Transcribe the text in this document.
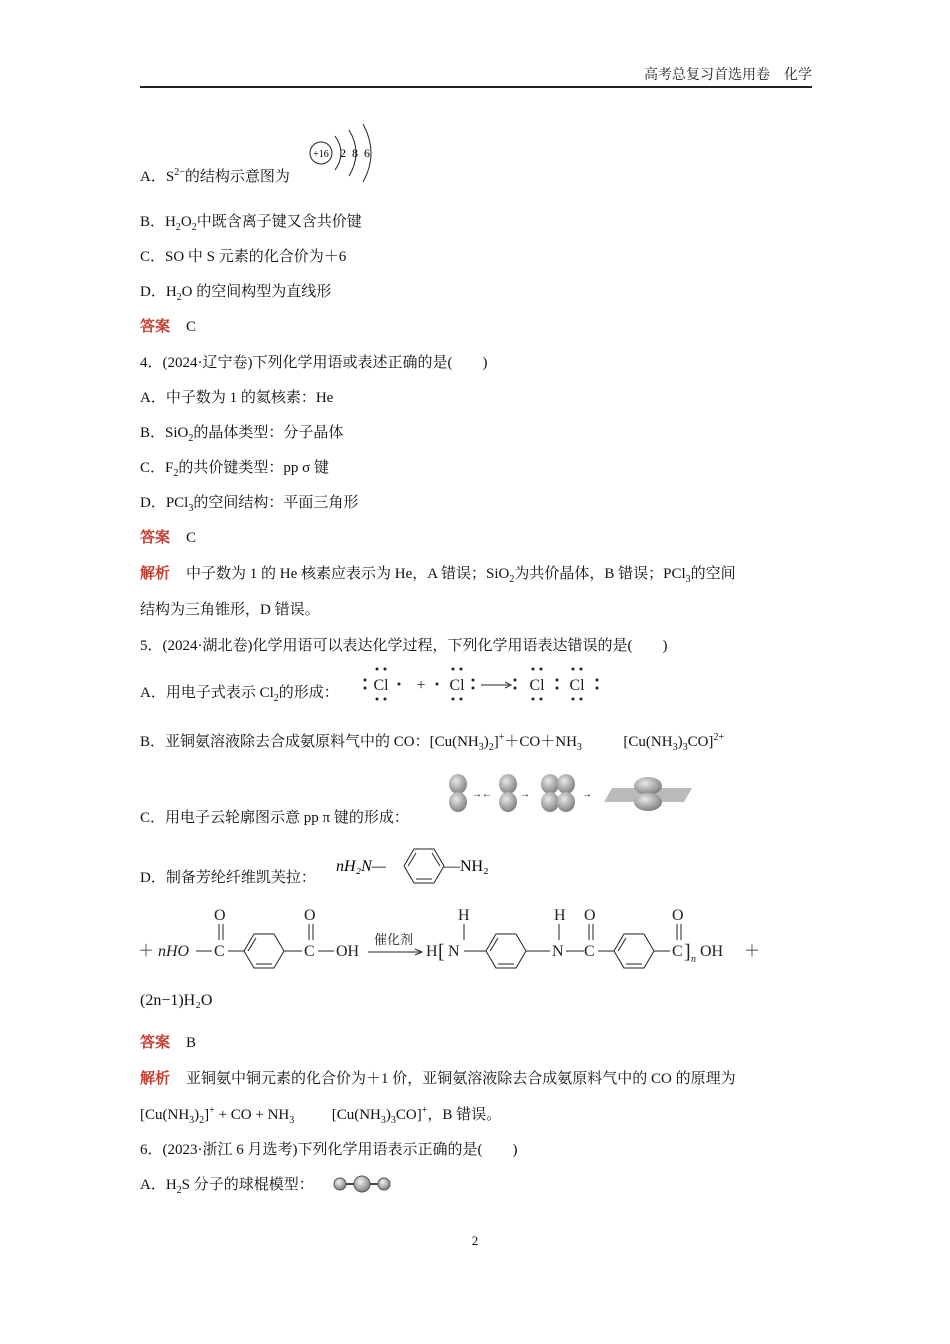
高考总复习首选用卷　化学
A．$S^{2-}$的结构示意图为
+16 2 8 6
B．$H_2O_2$中既含离子键又含共价键
C．SO 中 S 元素的化合价为＋6
D．$H_2O$ 的空间构型为直线形
答案 C
4．(2024·辽宁卷)下列化学用语或表述正确的是(　　)
A．中子数为 1 的氦核素：He
B．SiO$_2$的晶体类型：分子晶体
C．$F_2$的共价键类型：pp σ 键
D．PCl$_3$的空间结构：平面三角形
答案 C
解析 中子数为 1 的 He 核素应表示为 He，A 错误；SiO$_2$为共价晶体，B 错误；PCl$_3$的空间
结构为三角锥形，D 错误。
5．(2024·湖北卷)化学用语可以表达化学过程，下列化学用语表达错误的是(　　)
A．用电子式表示 $Cl_2$的形成： Cl + Cl	Cl Cl
B．亚铜氨溶液除去合成氨原料气中的 CO：$[Cu(NH_3)_2]^++CO+NH_3$	$[Cu(NH_3)_3CO]^{2+}$
C．用电子云轮廓图示意 pp π 键的形成：
→←	→	→
D．制备芳纶纤维凯芙拉：
nH₂N—	—NH₂
＋ nHO C
O
C
O
OH
催化剂
H [ N
H
N
H
C
O
C
O
] n OH ＋
(2n−1)H₂O
答案 B
解析 亚铜氨中铜元素的化合价为＋1 价，亚铜氨溶液除去合成氨原料气中的 CO 的原理为
$[Cu(NH_3)_2]^+$ + CO + $NH_3$	$[Cu(NH_3)_3CO]^+$，B 错误。
6．(2023·浙江 6 月选考)下列化学用语表示正确的是(　　)
A．$H_2S$ 分子的球棍模型：
2
